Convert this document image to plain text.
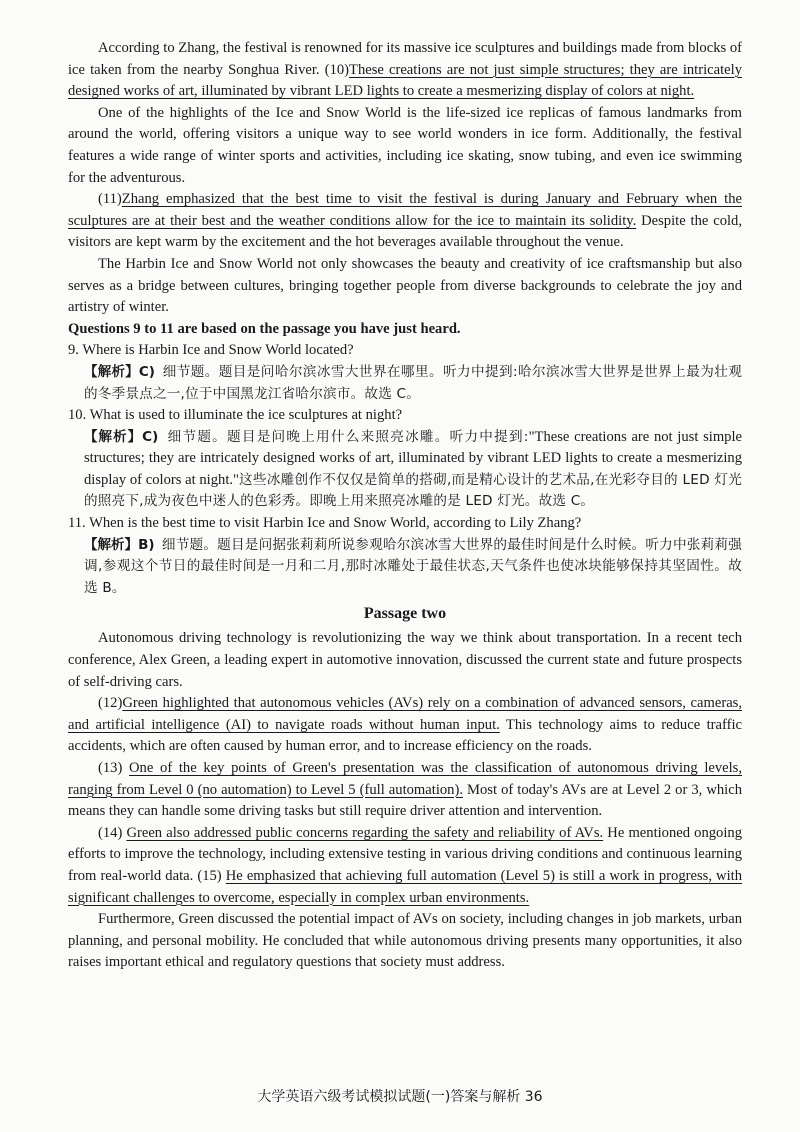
According to Zhang, the festival is renowned for its massive ice sculptures and buildings made from blocks of ice taken from the nearby Songhua River. (10)These creations are not just simple structures; they are intricately designed works of art, illuminated by vibrant LED lights to create a mesmerizing display of colors at night.

One of the highlights of the Ice and Snow World is the life-sized ice replicas of famous landmarks from around the world, offering visitors a unique way to see world wonders in ice form. Additionally, the festival features a wide range of winter sports and activities, including ice skating, snow tubing, and even ice swimming for the adventurous.

(11)Zhang emphasized that the best time to visit the festival is during January and February when the sculptures are at their best and the weather conditions allow for the ice to maintain its solidity. Despite the cold, visitors are kept warm by the excitement and the hot beverages available throughout the venue.

The Harbin Ice and Snow World not only showcases the beauty and creativity of ice craftsmanship but also serves as a bridge between cultures, bringing together people from diverse backgrounds to celebrate the joy and artistry of winter.

Questions 9 to 11 are based on the passage you have just heard.

9. Where is Harbin Ice and Snow World located?

【解析】C) 细节题。题目是问哈尔滨冰雪大世界在哪里。听力中提到:哈尔滨冰雪大世界是世界上最为壮观的冬季景点之一,位于中国黑龙江省哈尔滨市。故选 C。

10. What is used to illuminate the ice sculptures at night?

【解析】C) 细节题。题目是问晚上用什么来照亮冰雕。听力中提到:"These creations are not just simple structures; they are intricately designed works of art, illuminated by vibrant LED lights to create a mesmerizing display of colors at night."这些冰雕创作不仅仅是简单的搭砌,而是精心设计的艺术品,在光彩夺目的 LED 灯光的照亮下,成为夜色中迷人的色彩秀。即晚上用来照亮冰雕的是 LED 灯光。故选 C。

11. When is the best time to visit Harbin Ice and Snow World, according to Lily Zhang?

【解析】B) 细节题。题目是问据张莉莉所说参观哈尔滨冰雪大世界的最佳时间是什么时候。听力中张莉莉强调,参观这个节日的最佳时间是一月和二月,那时冰雕处于最佳状态,天气条件也使冰块能够保持其坚固性。故选 B。

Passage two

Autonomous driving technology is revolutionizing the way we think about transportation. In a recent tech conference, Alex Green, a leading expert in automotive innovation, discussed the current state and future prospects of self-driving cars.

(12)Green highlighted that autonomous vehicles (AVs) rely on a combination of advanced sensors, cameras, and artificial intelligence (AI) to navigate roads without human input. This technology aims to reduce traffic accidents, which are often caused by human error, and to increase efficiency on the roads.

(13) One of the key points of Green's presentation was the classification of autonomous driving levels, ranging from Level 0 (no automation) to Level 5 (full automation). Most of today's AVs are at Level 2 or 3, which means they can handle some driving tasks but still require driver attention and intervention.

(14) Green also addressed public concerns regarding the safety and reliability of AVs. He mentioned ongoing efforts to improve the technology, including extensive testing in various driving conditions and continuous learning from real-world data. (15) He emphasized that achieving full automation (Level 5) is still a work in progress, with significant challenges to overcome, especially in complex urban environments.

Furthermore, Green discussed the potential impact of AVs on society, including changes in job markets, urban planning, and personal mobility. He concluded that while autonomous driving presents many opportunities, it also raises important ethical and regulatory questions that society must address.

大学英语六级考试模拟试题(一)答案与解析 36
